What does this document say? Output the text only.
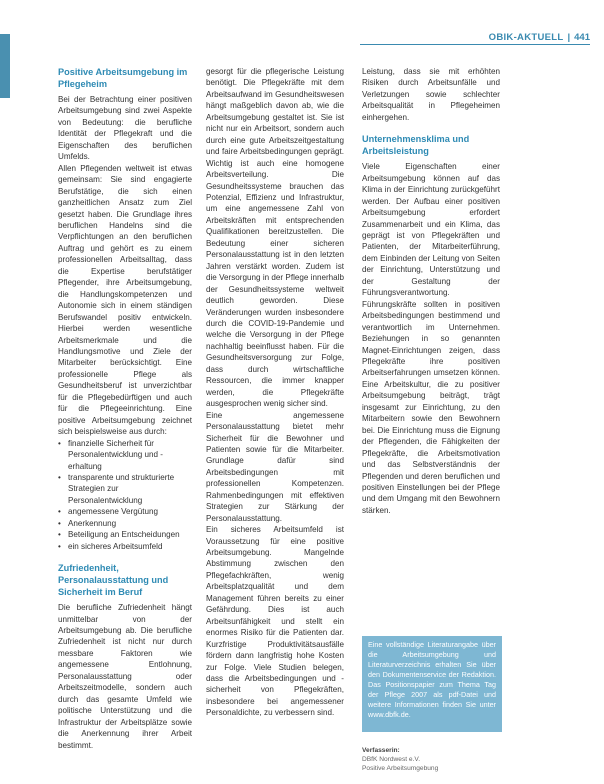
OBIK-AKTUELL | 441
Positive Arbeitsumgebung im Pflegeheim

Bei der Betrachtung einer positiven Arbeitsumgebung sind zwei Aspekte von Bedeutung: die berufliche Identität der Pflegekraft und die Eigenschaften des beruflichen Umfelds.

Allen Pflegenden weltweit ist etwas gemeinsam: Sie sind engagierte Berufstätige, die sich einen ganzheitlichen Ansatz zum Ziel gesetzt haben. Die Grundlage ihres beruflichen Handelns sind die Verpflichtungen an den beruflichen Auftrag und gehört es zu einem professionellen Arbeitsalltag, dass die Expertise berufstätiger Pflegender, ihre Arbeitsumgebung, die Handlungskompetenzen und Autonomie sich in einem ständigen Berufswandel positiv entwickeln. Hierbei werden wesentliche Arbeitsmerkmale und die Handlungsmotive und Ziele der Mitarbeiter berücksichtigt. Eine professionelle Pflege als Gesundheitsberuf ist unverzichtbar für die Pflegebedürftigen und auch für die Pflegeeinrichtung. Eine positive Arbeitsumgebung zeichnet sich beispielsweise aus durch:

• finanzielle Sicherheit für Personalentwicklung und -erhaltung
• transparente und strukturierte Strategien zur Personalentwicklung
• angemessene Vergütung
• Anerkennung
• Beteiligung an Entscheidungen
• ein sicheres Arbeitsumfeld
Zufriedenheit, Personalausstattung und Sicherheit im Beruf

Die berufliche Zufriedenheit hängt unmittelbar von der Arbeitsumgebung ab. Die berufliche Zufriedenheit ist nicht nur durch messbare Faktoren wie angemessene Entlohnung, Personalausstattung oder Arbeitszeitmodelle, sondern auch durch das gesamte Umfeld wie politische Unterstützung und die Infrastruktur der Arbeitsplätze sowie die Anerkennung ihrer Arbeit bestimmt.

gesorgt für die pflegerische Leistung benötigt. Die Pflegekräfte mit dem Arbeitsaufwand im Gesundheitswesen hängt maßgeblich davon ab, wie die Arbeitsumgebung gestaltet ist. Sie ist nicht nur ein Arbeitsort, sondern auch durch eine gute Arbeitszeitgestaltung und faire Arbeitsbedingungen geprägt. Wichtig ist auch eine homogene Arbeitsverteilung. Die Gesundheitssysteme brauchen das Potenzial, Effizienz und Infrastruktur, um eine angemessene Zahl von Arbeitskräften mit entsprechenden Qualifikationen bereitzustellen. Die Bedeutung einer sicheren Personalausstattung ist in den letzten Jahren verstärkt worden. Zudem ist die Versorgung in der Pflege innerhalb der Gesundheitssysteme weltweit deutlich geworden. Diese Veränderungen wurden insbesondere durch die COVID-19-Pandemie und welche die Versorgung in der Pflege nachhaltig beeinflusst haben. Für die Gesundheitsversorgung zur Folge, dass durch wirtschaftliche Ressourcen, die immer knapper werden, die Pflegekräfte ausgesprochen wenig sicher sind.

Eine angemessene Personalausstattung bietet mehr Sicherheit für die Bewohner und Patienten sowie für die Mitarbeiter. Grundlage dafür sind Arbeitsbedingungen mit professionellen Kompetenzen. Rahmenbedingungen mit effektiven Strategien zur Stärkung der Personalausstattung.

Ein sicheres Arbeitsumfeld ist Voraussetzung für eine positive Arbeitsumgebung. Mangelnde Abstimmung zwischen den Pflegefachkräften, wenig Arbeitsplatzqualität und dem Management führen bereits zu einer Gefährdung. Dies ist auch Arbeitsunfähigkeit und stellt ein enormes Risiko für die Patienten dar. Kurzfristige Produktivitätsausfälle fördern dann langfristig hohe Kosten zur Folge. Viele Studien belegen, dass die Arbeitsbedingungen und -sicherheit von Pflegekräften, insbesondere bei angemessener Personaldichte, zu verbessern sind.

Leistung, dass sie mit erhöhten Risiken durch Arbeitsunfälle und Verletzungen sowie schlechter Arbeitsqualität in Pflegeheimen einhergehen.

Unternehmensklima und Arbeitsleistung

Viele Eigenschaften einer Arbeitsumgebung können auf das Klima in der Einrichtung zurückgeführt werden. Der Aufbau einer positiven Arbeitsumgebung erfordert Zusammenarbeit und ein Klima, das geprägt ist von Pflegekräften und Patienten, der Mitarbeiterführung, dem Einbinden der Leitung von Seiten der Einrichtung, Unterstützung und der Gestaltung der Führungsverantwortung. Führungskräfte sollten in positiven Arbeitsbedingungen bestimmend und verantwortlich im Unternehmen. Beziehungen in so genannten Magnet-Einrichtungen zeigen, dass Pflegekräfte ihre positiven Arbeitserfahrungen umsetzen können. Eine Arbeitskultur, die zu positiver Arbeitsumgebung beiträgt, trägt insgesamt zur Einrichtung, zu den Mitarbeitern sowie den Bewohnern bei. Die Einrichtung muss die Eignung der Pflegenden, die Fähigkeiten der Pflegekräfte, die Arbeitsmotivation und das Selbstverständnis der Pflegenden und deren beruflichen und positiven Einstellungen bei der Pflege und dem Umgang mit den Bewohnern stärken.

Eine vollständige Literaturangabe über die Arbeitsumgebung und Literaturverzeichnis erhalten Sie über den Dokumentenservice der Redaktion. Das Positionspapier zum Thema Tag der Pflege 2007 als pdf-Datei und weitere Informationen finden Sie unter www.dbfk.de.

Verfasserin:
DBfK Nordwest e.V.
Positive Arbeitsumgebung
